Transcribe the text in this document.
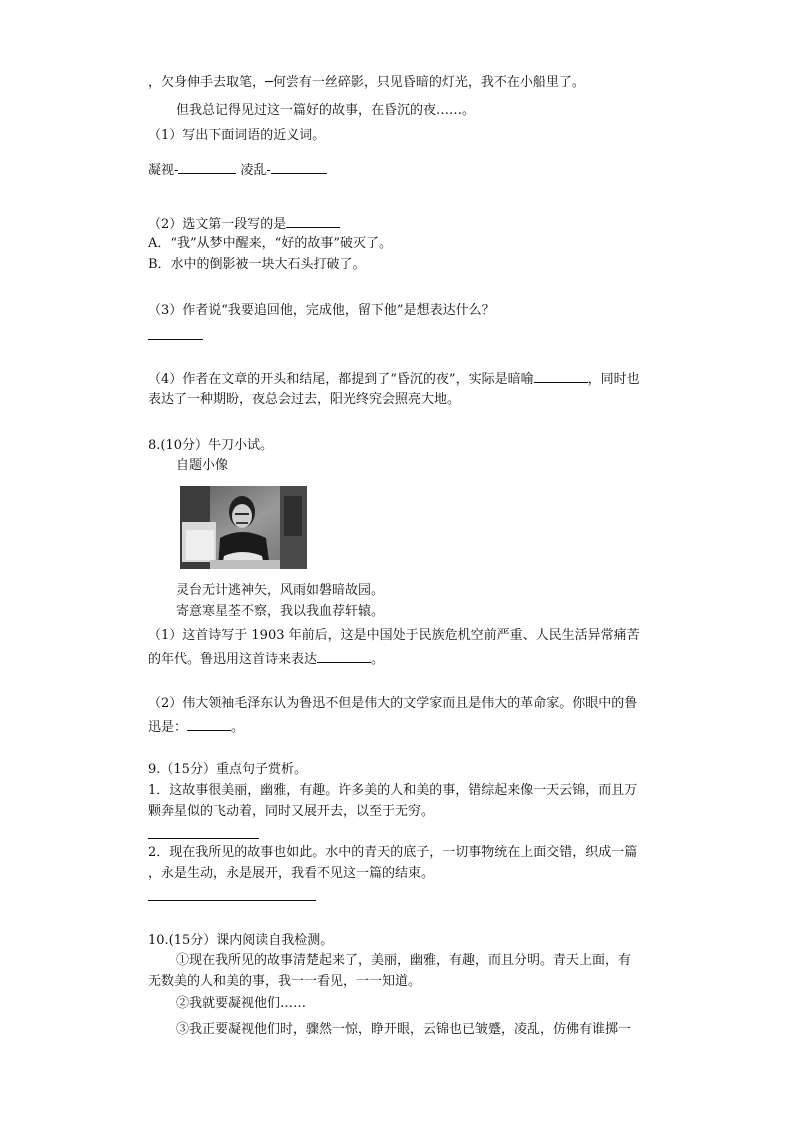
，欠身伸手去取笔，─何尝有一丝碎影，只见昏暗的灯光，我不在小船里了。
但我总记得见过这一篇好的故事，在昏沉的夜……。
（1）写出下面词语的近义词。
凝视-	凌乱-
（2）选文第一段写的是
A．“我”从梦中醒来，“好的故事”破灭了。
B．水中的倒影被一块大石头打破了。
（3）作者说“我要追回他，完成他，留下他”是想表达什么？
（4）作者在文章的开头和结尾，都提到了“昏沉的夜”，实际是暗喻	，同时也
表达了一种期盼，夜总会过去，阳光终究会照亮大地。
8.(10分）牛刀小试。
自题小像
灵台无计逃神矢，风雨如磐暗故园。
寄意寒星荃不察，我以我血荐轩辕。
（1）这首诗写于 1903 年前后，这是中国处于民族危机空前严重、人民生活异常痛苦
的年代。鲁迅用这首诗来表达	。
（2）伟大领袖毛泽东认为鲁迅不但是伟大的文学家而且是伟大的革命家。你眼中的鲁
迅是：	。
9.（15分）重点句子赏析。
1．这故事很美丽，幽雅，有趣。许多美的人和美的事，错综起来像一天云锦，而且万
颗奔星似的飞动着，同时又展开去，以至于无穷。
2．现在我所见的故事也如此。水中的青天的底子，一切事物统在上面交错，织成一篇
，永是生动，永是展开，我看不见这一篇的结束。
10.(15分）课内阅读自我检测。
①现在我所见的故事清楚起来了，美丽，幽雅，有趣，而且分明。青天上面，有
无数美的人和美的事，我一一看见，一一知道。
②我就要凝视他们……
③我正要凝视他们时，骤然一惊，睁开眼，云锦也已皱蹙，凌乱，仿佛有谁掷一
